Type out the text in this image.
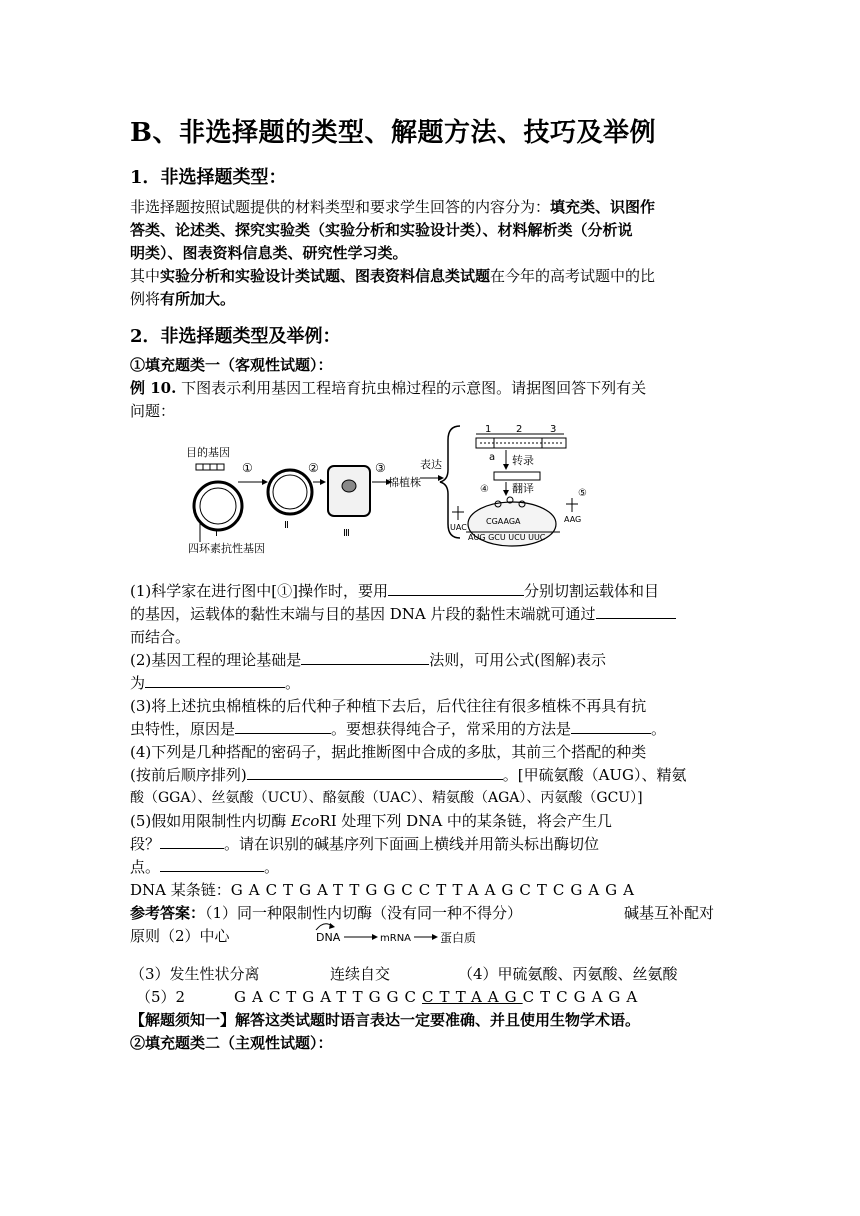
B、非选择题的类型、解题方法、技巧及举例
1．非选择题类型：
非选择题按照试题提供的材料类型和要求学生回答的内容分为：填充类、识图作
答类、论述类、探究实验类（实验分析和实验设计类）、材料解析类（分析说
明类）、图表资料信息类、研究性学习类。
其中实验分析和实验设计类试题、图表资料信息类试题在今年的高考试题中的比
例将有所加大。
2．非选择题类型及举例：
①填充题类一（客观性试题）：
例 10. 下图表示利用基因工程培育抗虫棉过程的示意图。请据图回答下列有关
问题：
目的基因
Ⅰ
四环素抗性基因
①
Ⅱ
②
Ⅲ
③
棉植株
表达
1 2	3
a 转录
翻译
④	⑤
CGAAGA
AUG GCU UCU UUC
UAC
AAG
(1)科学家在进行图中[①]操作时，要用	分别切割运载体和目
的基因，运载体的黏性末端与目的基因 DNA 片段的黏性末端就可通过
而结合。
(2)基因工程的理论基础是	法则，可用公式(图解)表示
为	。
(3)将上述抗虫棉植株的后代种子种植下去后，后代往往有很多植株不再具有抗
虫特性，原因是	。要想获得纯合子，常采用的方法是	。
(4)下列是几种搭配的密码子，据此推断图中合成的多肽，其前三个搭配的种类
(按前后顺序排列)	。[甲硫氨酸（AUG）、精氨
酸（GGA）、丝氨酸（UCU）、酪氨酸（UAC）、精氨酸（AGA）、丙氨酸（GCU）]
(5)假如用限制性内切酶 EcoRI 处理下列 DNA 中的某条链，将会产生几
段？	。请在识别的碱基序列下面画上横线并用箭头标出酶切位
点。	。
DNA 某条链：GACTGATTGGCCTTAAGCTCGAGA
参考答案：（1）同一种限制性内切酶（没有同一种不得分）	碱基互补配对
原则（2）中心	DNA	mRNA 蛋白质
（3）发生性状分离	连续自交	（4）甲硫氨酸、丙氨酸、丝氨酸
（5）2	GACTGATTGGCCTTAAGCTCGAGA
【解题须知一】解答这类试题时语言表达一定要准确、并且使用生物学术语。
②填充题类二（主观性试题）：
